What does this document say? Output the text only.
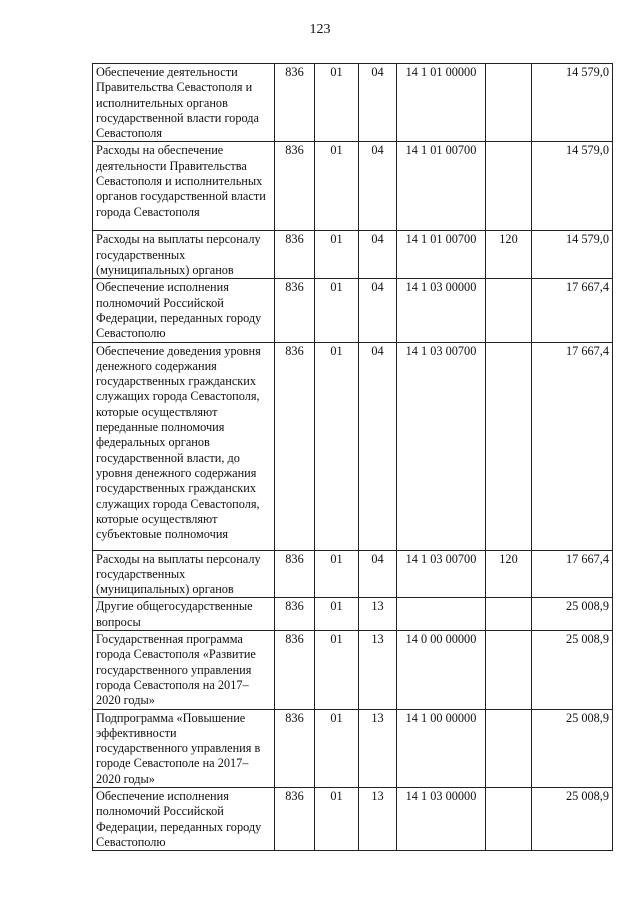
123
Обеспечение деятельности Правительства Севастополя и исполнительных органов государственной власти города Севастополя	836	01	04	14 1 01 00000		14 579,0
Расходы на обеспечение деятельности Правительства Севастополя и исполнительных органов государственной власти города Севастополя	836	01	04	14 1 01 00700		14 579,0
Расходы на выплаты персоналу государственных (муниципальных) органов	836	01	04	14 1 01 00700	120	14 579,0
Обеспечение исполнения полномочий Российской Федерации, переданных городу Севастополю	836	01	04	14 1 03 00000		17 667,4
Обеспечение доведения уровня денежного содержания государственных гражданских служащих города Севастополя, которые осуществляют переданные полномочия федеральных органов государственной власти, до уровня денежного содержания государственных гражданских служащих города Севастополя, которые осуществляют субъектовые полномочия	836	01	04	14 1 03 00700		17 667,4
Расходы на выплаты персоналу государственных (муниципальных) органов	836	01	04	14 1 03 00700	120	17 667,4
Другие общегосударственные вопросы	836	01	13			25 008,9
Государственная программа города Севастополя «Развитие государственного управления города Севастополя на 2017–2020 годы»	836	01	13	14 0 00 00000		25 008,9
Подпрограмма «Повышение эффективности государственного управления в городе Севастополе на 2017–2020 годы»	836	01	13	14 1 00 00000		25 008,9
Обеспечение исполнения полномочий Российской Федерации, переданных городу Севастополю	836	01	13	14 1 03 00000		25 008,9
